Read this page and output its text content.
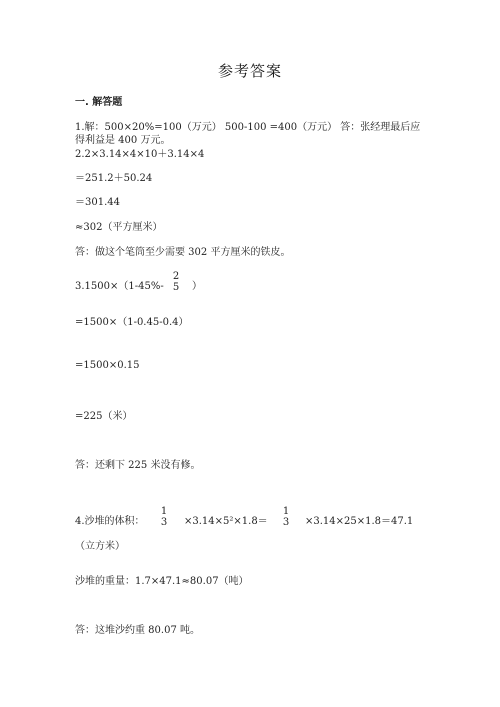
参考答案
一. 解答题
1.解：500×20%=100（万元） 500-100 =400（万元） 答：张经理最后应
得利益是 400 万元。
2.2×3.14×4×10＋3.14×4
＝251.2＋50.24
＝301.44
≈302（平方厘米）
答：做这个笔筒至少需要 302 平方厘米的铁皮。
3.1500×（1-45%-
2
5 ）
=1500×（1-0.45-0.4）
=1500×0.15
=225（米）
答：还剩下 225 米没有修。
4.沙堆的体积：
1
3 ×3.14×5²×1.8＝
1
3 ×3.14×25×1.8＝47.1
（立方米）
沙堆的重量：1.7×47.1≈80.07（吨）
答：这堆沙约重 80.07 吨。
